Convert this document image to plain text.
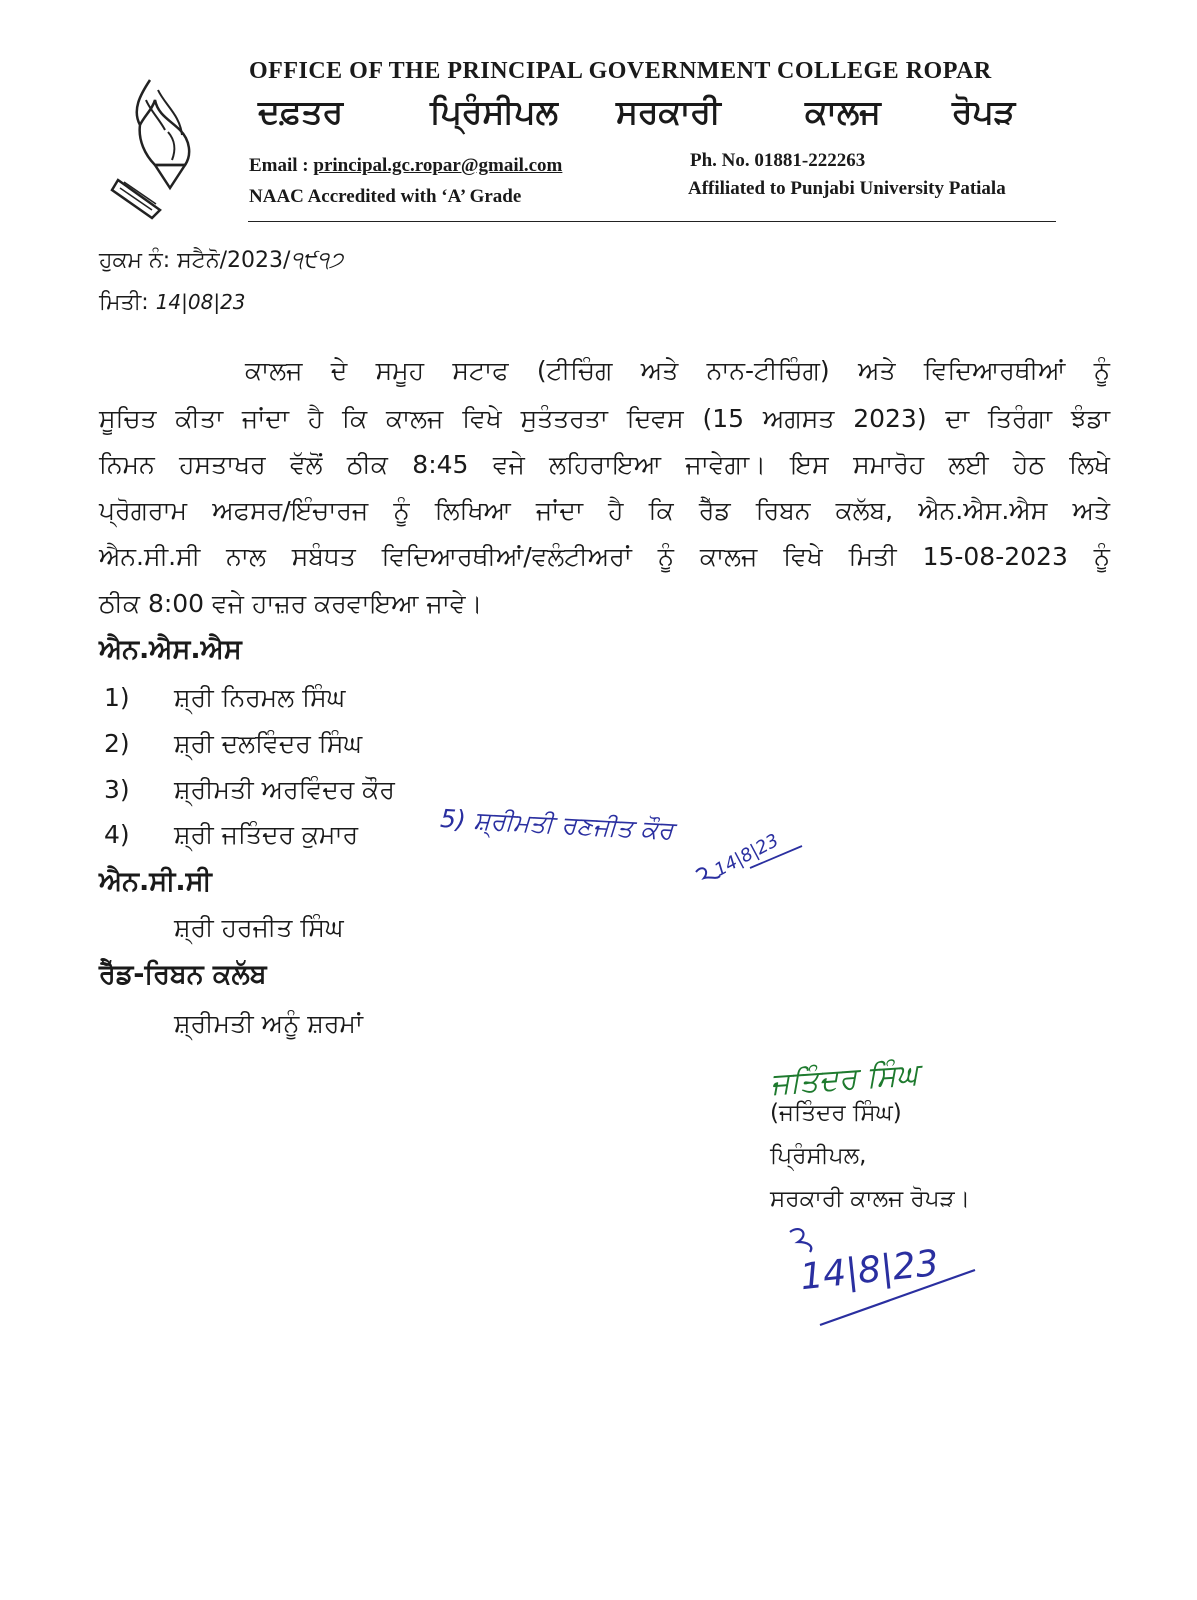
OFFICE OF THE PRINCIPAL GOVERNMENT COLLEGE ROPAR
ਦਫ਼ਤਰ	ਪ੍ਰਿੰਸੀਪਲ ਸਰਕਾਰੀ	ਕਾਲਜ ਰੋਪੜ
Email : principal.gc.ropar@gmail.com	Ph. No. 01881-222263
NAAC Accredited with ‘A’ Grade	Affiliated to Punjabi University Patiala
ਹੁਕਮ ਨੰ: ਸਟੈਨੋ/2023/੧੯੧੭
ਮਿਤੀ: 14|08|23
ਕਾਲਜ ਦੇ ਸਮੂਹ ਸਟਾਫ (ਟੀਚਿੰਗ ਅਤੇ ਨਾਨ-ਟੀਚਿੰਗ) ਅਤੇ ਵਿਦਿਆਰਥੀਆਂ ਨੂੰ
ਸੂਚਿਤ ਕੀਤਾ ਜਾਂਦਾ ਹੈ ਕਿ ਕਾਲਜ ਵਿਖੇ ਸੁਤੰਤਰਤਾ ਦਿਵਸ (15 ਅਗਸਤ 2023) ਦਾ ਤਿਰੰਗਾ ਝੰਡਾ
ਨਿਮਨ ਹਸਤਾਖਰ ਵੱਲੋਂ ਠੀਕ 8:45 ਵਜੇ ਲਹਿਰਾਇਆ ਜਾਵੇਗਾ। ਇਸ ਸਮਾਰੋਹ ਲਈ ਹੇਠ ਲਿਖੇ
ਪ੍ਰੋਗਰਾਮ ਅਫਸਰ/ਇੰਚਾਰਜ ਨੂੰ ਲਿਖਿਆ ਜਾਂਦਾ ਹੈ ਕਿ ਰੈੱਡ ਰਿਬਨ ਕਲੱਬ, ਐਨ.ਐਸ.ਐਸ ਅਤੇ
ਐਨ.ਸੀ.ਸੀ ਨਾਲ ਸਬੰਧਤ ਵਿਦਿਆਰਥੀਆਂ/ਵਲੰਟੀਅਰਾਂ ਨੂੰ ਕਾਲਜ ਵਿਖੇ ਮਿਤੀ 15-08-2023 ਨੂੰ
ਠੀਕ 8:00 ਵਜੇ ਹਾਜ਼ਰ ਕਰਵਾਇਆ ਜਾਵੇ।
ਐਨ.ਐਸ.ਐਸ
1) ਸ਼੍ਰੀ ਨਿਰਮਲ ਸਿੰਘ
2) ਸ਼੍ਰੀ ਦਲਵਿੰਦਰ ਸਿੰਘ
3) ਸ਼੍ਰੀਮਤੀ ਅਰਵਿੰਦਰ ਕੌਰ
4) ਸ਼੍ਰੀ ਜਤਿੰਦਰ ਕੁਮਾਰ	5) ਸ਼੍ਰੀਮਤੀ ਰਣਜੀਤ ਕੌਰ
14|8|23
ਐਨ.ਸੀ.ਸੀ
ਸ਼੍ਰੀ ਹਰਜੀਤ ਸਿੰਘ
ਰੈੱਡ-ਰਿਬਨ ਕਲੱਬ
ਸ਼੍ਰੀਮਤੀ ਅਨੂੰ ਸ਼ਰਮਾਂ
ਜਤਿੰਦਰ ਸਿੰਘ
(ਜਤਿੰਦਰ ਸਿੰਘ)
ਪ੍ਰਿੰਸੀਪਲ,
ਸਰਕਾਰੀ ਕਾਲਜ ਰੋਪੜ।
14|8|23
